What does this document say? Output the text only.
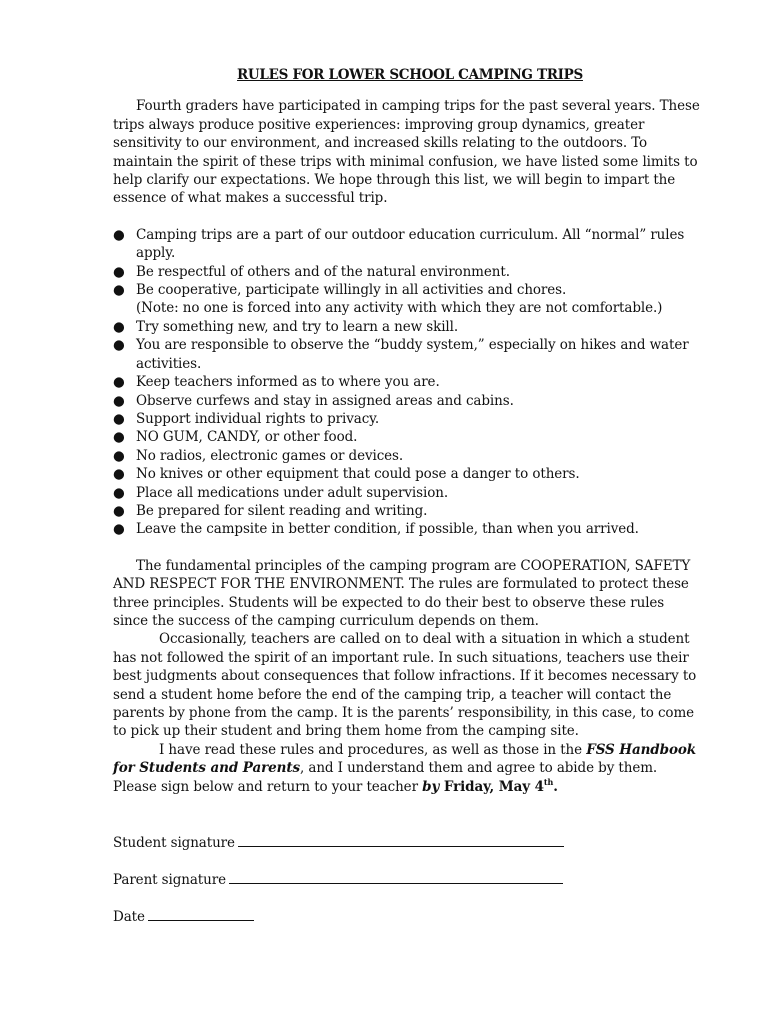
RULES FOR LOWER SCHOOL CAMPING TRIPS

Fourth graders have participated in camping trips for the past several years. These trips always produce positive experiences: improving group dynamics, greater sensitivity to our environment, and increased skills relating to the outdoors. To maintain the spirit of these trips with minimal confusion, we have listed some limits to help clarify our expectations. We hope through this list, we will begin to impart the essence of what makes a successful trip.

● Camping trips are a part of our outdoor education curriculum. All “normal” rules apply.
● Be respectful of others and of the natural environment.
● Be cooperative, participate willingly in all activities and chores.
(Note: no one is forced into any activity with which they are not comfortable.)
● Try something new, and try to learn a new skill.
● You are responsible to observe the “buddy system,” especially on hikes and water activities.
● Keep teachers informed as to where you are.
● Observe curfews and stay in assigned areas and cabins.
● Support individual rights to privacy.
● NO GUM, CANDY, or other food.
● No radios, electronic games or devices.
● No knives or other equipment that could pose a danger to others.
● Place all medications under adult supervision.
● Be prepared for silent reading and writing.
● Leave the campsite in better condition, if possible, than when you arrived.

The fundamental principles of the camping program are COOPERATION, SAFETY AND RESPECT FOR THE ENVIRONMENT. The rules are formulated to protect these three principles. Students will be expected to do their best to observe these rules since the success of the camping curriculum depends on them.

Occasionally, teachers are called on to deal with a situation in which a student has not followed the spirit of an important rule. In such situations, teachers use their best judgments about consequences that follow infractions. If it becomes necessary to send a student home before the end of the camping trip, a teacher will contact the parents by phone from the camp. It is the parents’ responsibility, in this case, to come to pick up their student and bring them home from the camping site.

I have read these rules and procedures, as well as those in the FSS Handbook for Students and Parents, and I understand them and agree to abide by them.

Please sign below and return to your teacher by Friday, May 4th.

Student signature
Parent signature
Date
